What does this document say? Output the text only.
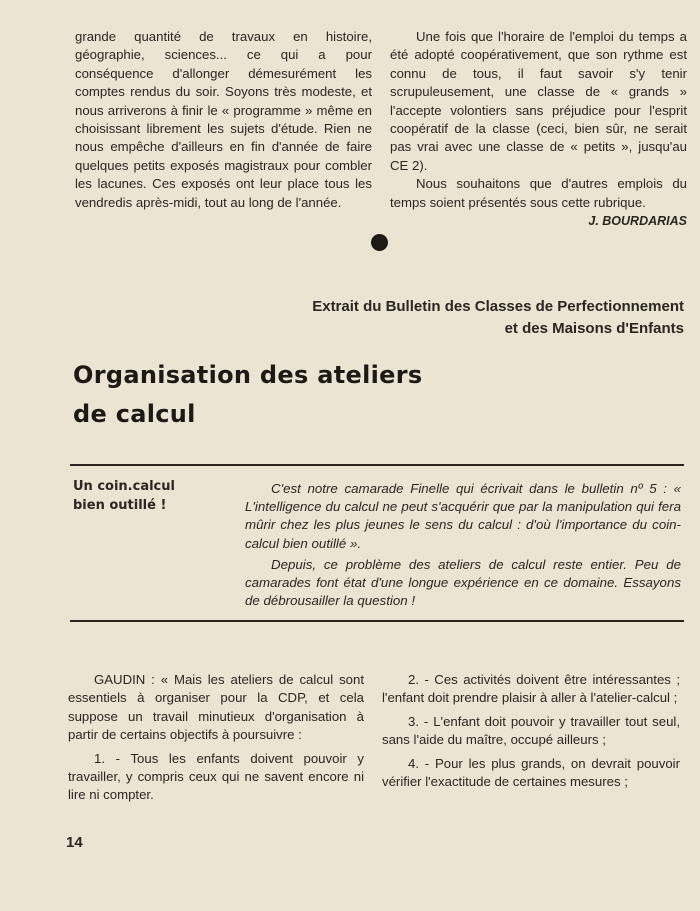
grande quantité de travaux en histoire, géographie, sciences... ce qui a pour conséquence d'allonger démesurément les comptes rendus du soir. Soyons très modeste, et nous arriverons à finir le « programme » même en choisissant librement les sujets d'étude. Rien ne nous empêche d'ailleurs en fin d'année de faire quelques petits exposés magistraux pour combler les lacunes. Ces exposés ont leur place tous les vendredis après-midi, tout au long de l'année.

Une fois que l'horaire de l'emploi du temps a été adopté coopérativement, que son rythme est connu de tous, il faut savoir s'y tenir scrupuleusement, une classe de « grands » l'accepte volontiers sans préjudice pour l'esprit coopératif de la classe (ceci, bien sûr, ne serait pas vrai avec une classe de « petits », jusqu'au CE 2).

Nous souhaitons que d'autres emplois du temps soient présentés sous cette rubrique.

J. BOURDARIAS

Extrait du Bulletin des Classes de Perfectionnement
et des Maisons d'Enfants
Organisation des ateliers
de calcul
Un coin.calcul
bien outillé !

C'est notre camarade Finelle qui écrivait dans le bulletin nº 5 : « L'intelligence du calcul ne peut s'acquérir que par la manipulation qui fera mûrir chez les plus jeunes le sens du calcul : d'où l'importance du coin-calcul bien outillé ».

Depuis, ce problème des ateliers de calcul reste entier. Peu de camarades font état d'une longue expérience en ce domaine. Essayons de débrousailler la question !

GAUDIN : « Mais les ateliers de calcul sont essentiels à organiser pour la CDP, et cela suppose un travail minutieux d'organisation à partir de certains objectifs à poursuivre :

1. - Tous les enfants doivent pouvoir y travailler, y compris ceux qui ne savent encore ni lire ni compter.

2. - Ces activités doivent être intéressantes ; l'enfant doit prendre plaisir à aller à l'atelier-calcul ;

3. - L'enfant doit pouvoir y travailler tout seul, sans l'aide du maître, occupé ailleurs ;

4. - Pour les plus grands, on devrait pouvoir vérifier l'exactitude de certaines mesures ;

14
